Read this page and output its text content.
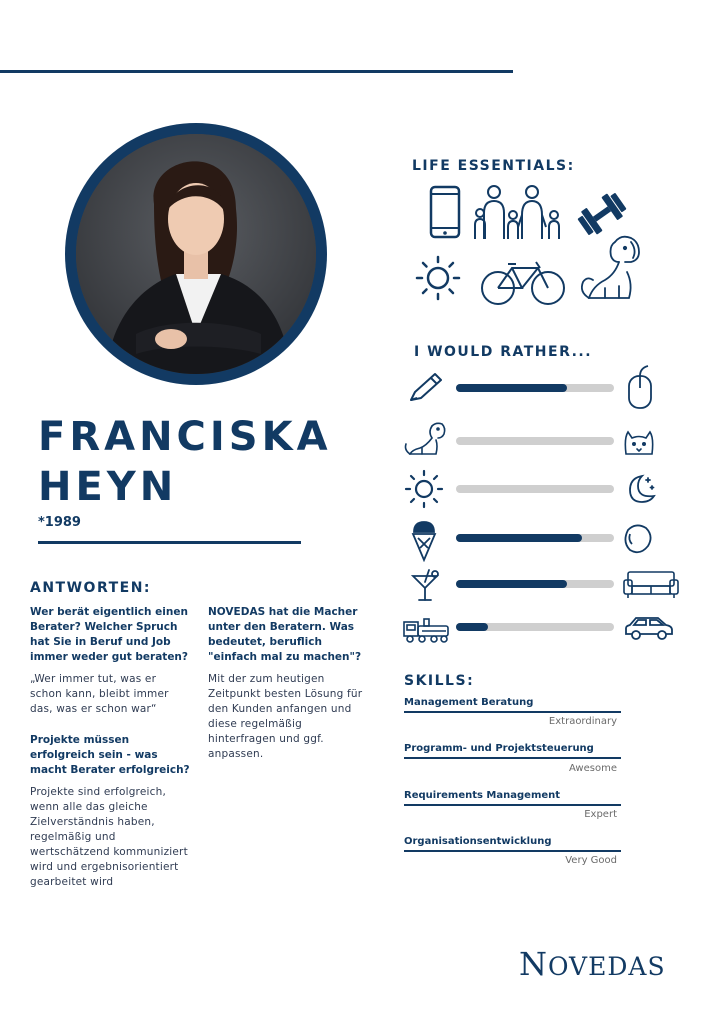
FRANCISKA
HEYN
*1989
ANTWORTEN:
Wer berät eigentlich einen Berater? Welcher Spruch hat Sie in Beruf und Job immer weder gut beraten?
„Wer immer tut, was er schon kann, bleibt immer das, was er schon war“
Projekte müssen erfolgreich sein - was macht Berater erfolgreich?
Projekte sind erfolgreich, wenn alle das gleiche Zielverständnis haben, regelmäßig und wertschätzend kommuniziert wird und ergebnisorientiert gearbeitet wird
NOVEDAS hat die Macher unter den Beratern. Was bedeutet, beruflich "einfach mal zu machen"?
Mit der zum heutigen Zeitpunkt besten Lösung für den Kunden anfangen und diese regelmäßig hinterfragen und ggf. anpassen.
LIFE ESSENTIALS:
I WOULD RATHER...
SKILLS:
Management Beratung
Extraordinary
Programm- und Projektsteuerung
Awesome
Requirements Management
Expert
Organisationsentwicklung
Very Good
NOVEDAS
